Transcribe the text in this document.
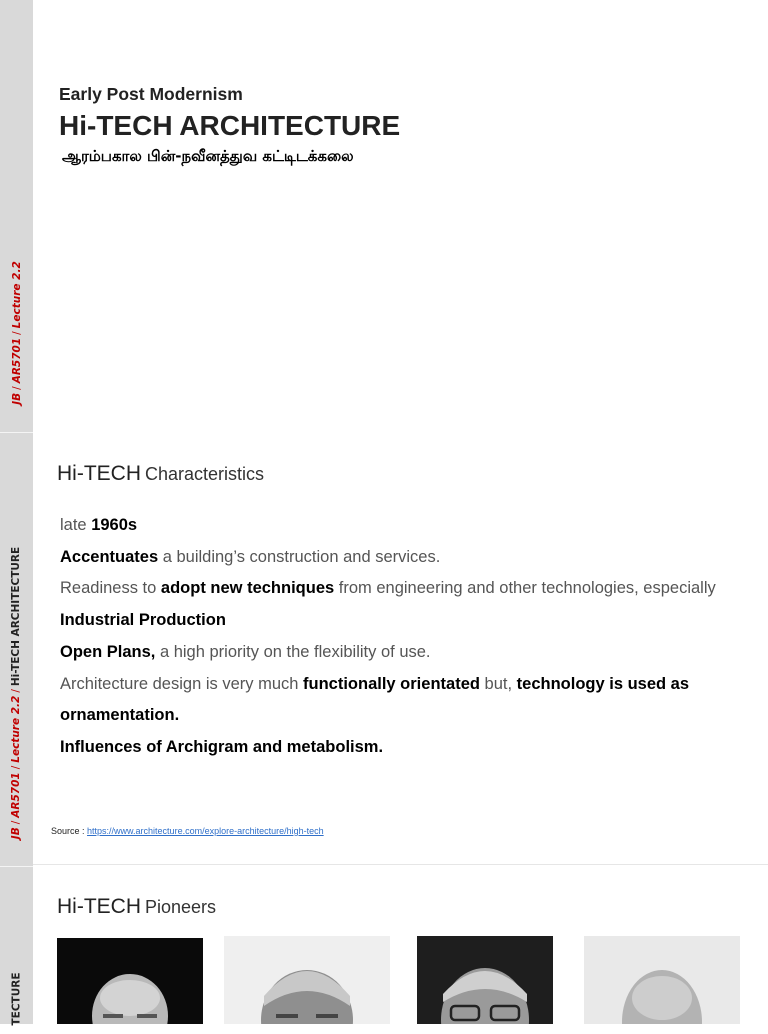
JB/AR5701/Lecture 2.2
JB/AR5701/Lecture 2.2/Hi-TECH ARCHITECTURE
TECTURE
Early Post Modernism
Hi-TECH ARCHITECTURE
ஆரம்பகால பின்-நவீனத்துவ கட்டிடக்கலை
Hi-TECH Characteristics
late 1960s
Accentuates a building’s construction and services.
Readiness to adopt new techniques from engineering and other technologies, especially
Industrial Production
Open Plans, a high priority on the flexibility of use.
Architecture design is very much functionally orientated but, technology is used as
ornamentation.
Influences of Archigram and metabolism.
Source : https://www.architecture.com/explore-architecture/high-tech
Hi-TECH Pioneers
